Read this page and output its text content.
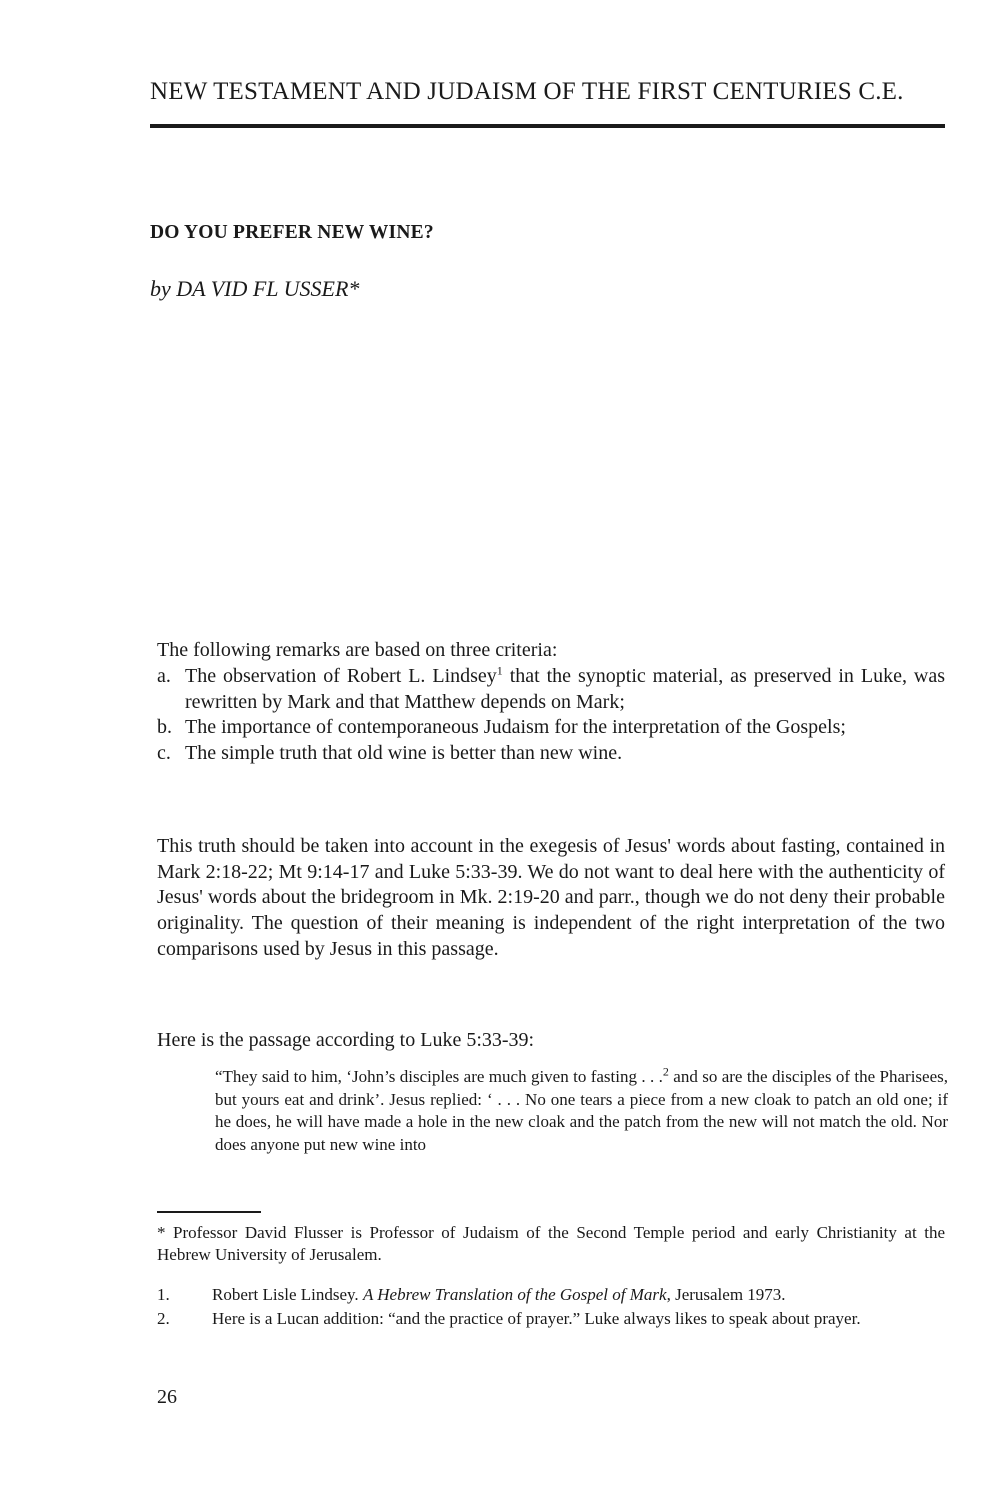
NEW TESTAMENT AND JUDAISM OF THE FIRST CENTURIES C.E.
DO YOU PREFER NEW WINE?
by DA VID FL USSER*
The following remarks are based on three criteria:
a. The observation of Robert L. Lindsey$^1$ that the synoptic material, as preserved in Luke, was rewritten by Mark and that Matthew depends on Mark;
b. The importance of contemporaneous Judaism for the interpretation of the Gospels;
c. The simple truth that old wine is better than new wine.
This truth should be taken into account in the exegesis of Jesus' words about fasting, contained in Mark 2:18-22; Mt 9:14-17 and Luke 5:33-39. We do not want to deal here with the authenticity of Jesus' words about the bridegroom in Mk. 2:19-20 and parr., though we do not deny their probable originality. The question of their meaning is independent of the right interpretation of the two comparisons used by Jesus in this passage.
Here is the passage according to Luke 5:33-39:
“They said to him, ‘John’s disciples are much given to fasting . . .$^2$ and so are the disciples of the Pharisees, but yours eat and drink’. Jesus replied: ‘ . . . No one tears a piece from a new cloak to patch an old one; if he does, he will have made a hole in the new cloak and the patch from the new will not match the old. Nor does anyone put new wine into
* Professor David Flusser is Professor of Judaism of the Second Temple period and early Christianity at the Hebrew University of Jerusalem.
1. Robert Lisle Lindsey. A Hebrew Translation of the Gospel of Mark, Jerusalem 1973.
2. Here is a Lucan addition: “and the practice of prayer.” Luke always likes to speak about prayer.
26
